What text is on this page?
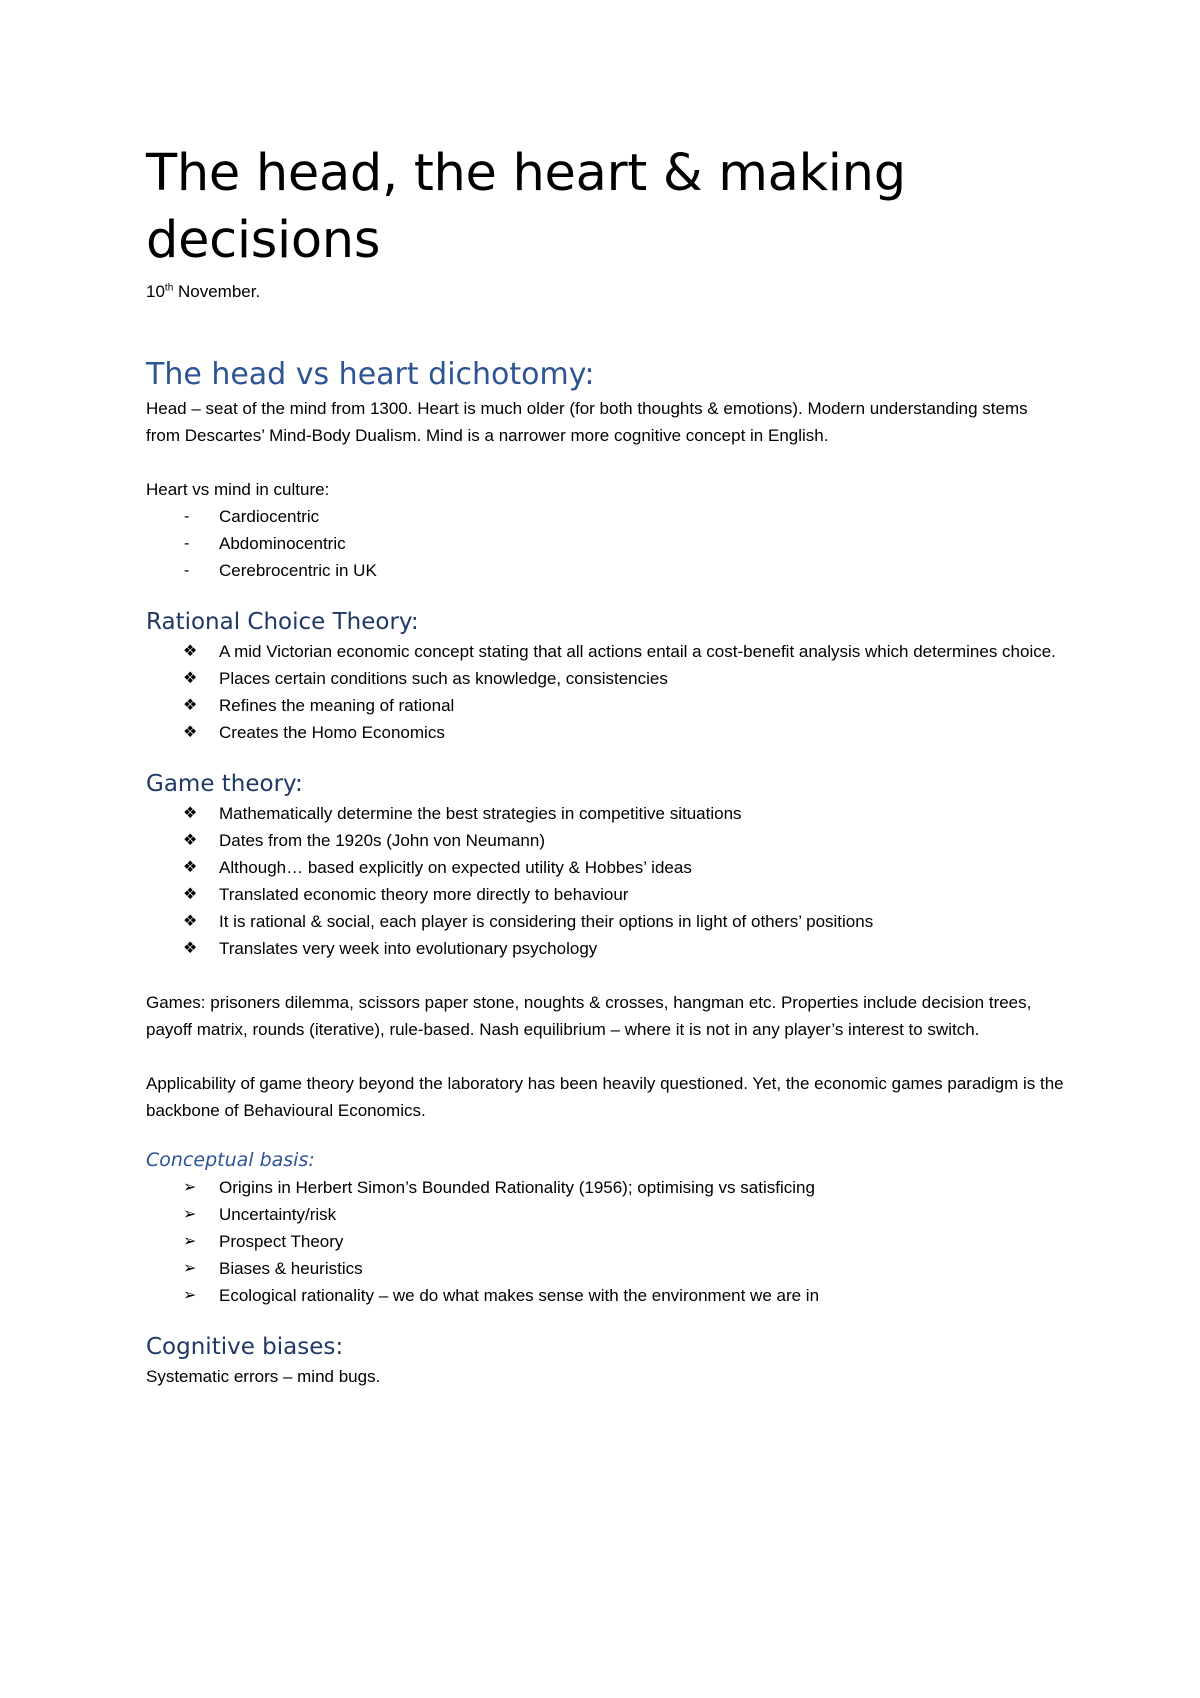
The head, the heart & making decisions

10th November.

The head vs heart dichotomy:

Head – seat of the mind from 1300. Heart is much older (for both thoughts & emotions). Modern understanding stems from Descartes’ Mind-Body Dualism. Mind is a narrower more cognitive concept in English.

Heart vs mind in culture:

-	Cardiocentric
-	Abdominocentric
-	Cerebrocentric in UK
Rational Choice Theory:
❖	A mid Victorian economic concept stating that all actions entail a cost-benefit analysis which determines choice.
❖	Places certain conditions such as knowledge, consistencies
❖	Refines the meaning of rational
❖	Creates the Homo Economics
Game theory:
❖	Mathematically determine the best strategies in competitive situations
❖	Dates from the 1920s (John von Neumann)
❖	Although… based explicitly on expected utility & Hobbes’ ideas
❖	Translated economic theory more directly to behaviour
❖	It is rational & social, each player is considering their options in light of others’ positions
❖	Translates very week into evolutionary psychology

Games: prisoners dilemma, scissors paper stone, noughts & crosses, hangman etc. Properties include decision trees, payoff matrix, rounds (iterative), rule-based. Nash equilibrium – where it is not in any player’s interest to switch.

Applicability of game theory beyond the laboratory has been heavily questioned. Yet, the economic games paradigm is the backbone of Behavioural Economics.

Conceptual basis:
➢	Origins in Herbert Simon’s Bounded Rationality (1956); optimising vs satisficing
➢	Uncertainty/risk
➢	Prospect Theory
➢	Biases & heuristics
➢	Ecological rationality – we do what makes sense with the environment we are in
Cognitive biases:

Systematic errors – mind bugs.
